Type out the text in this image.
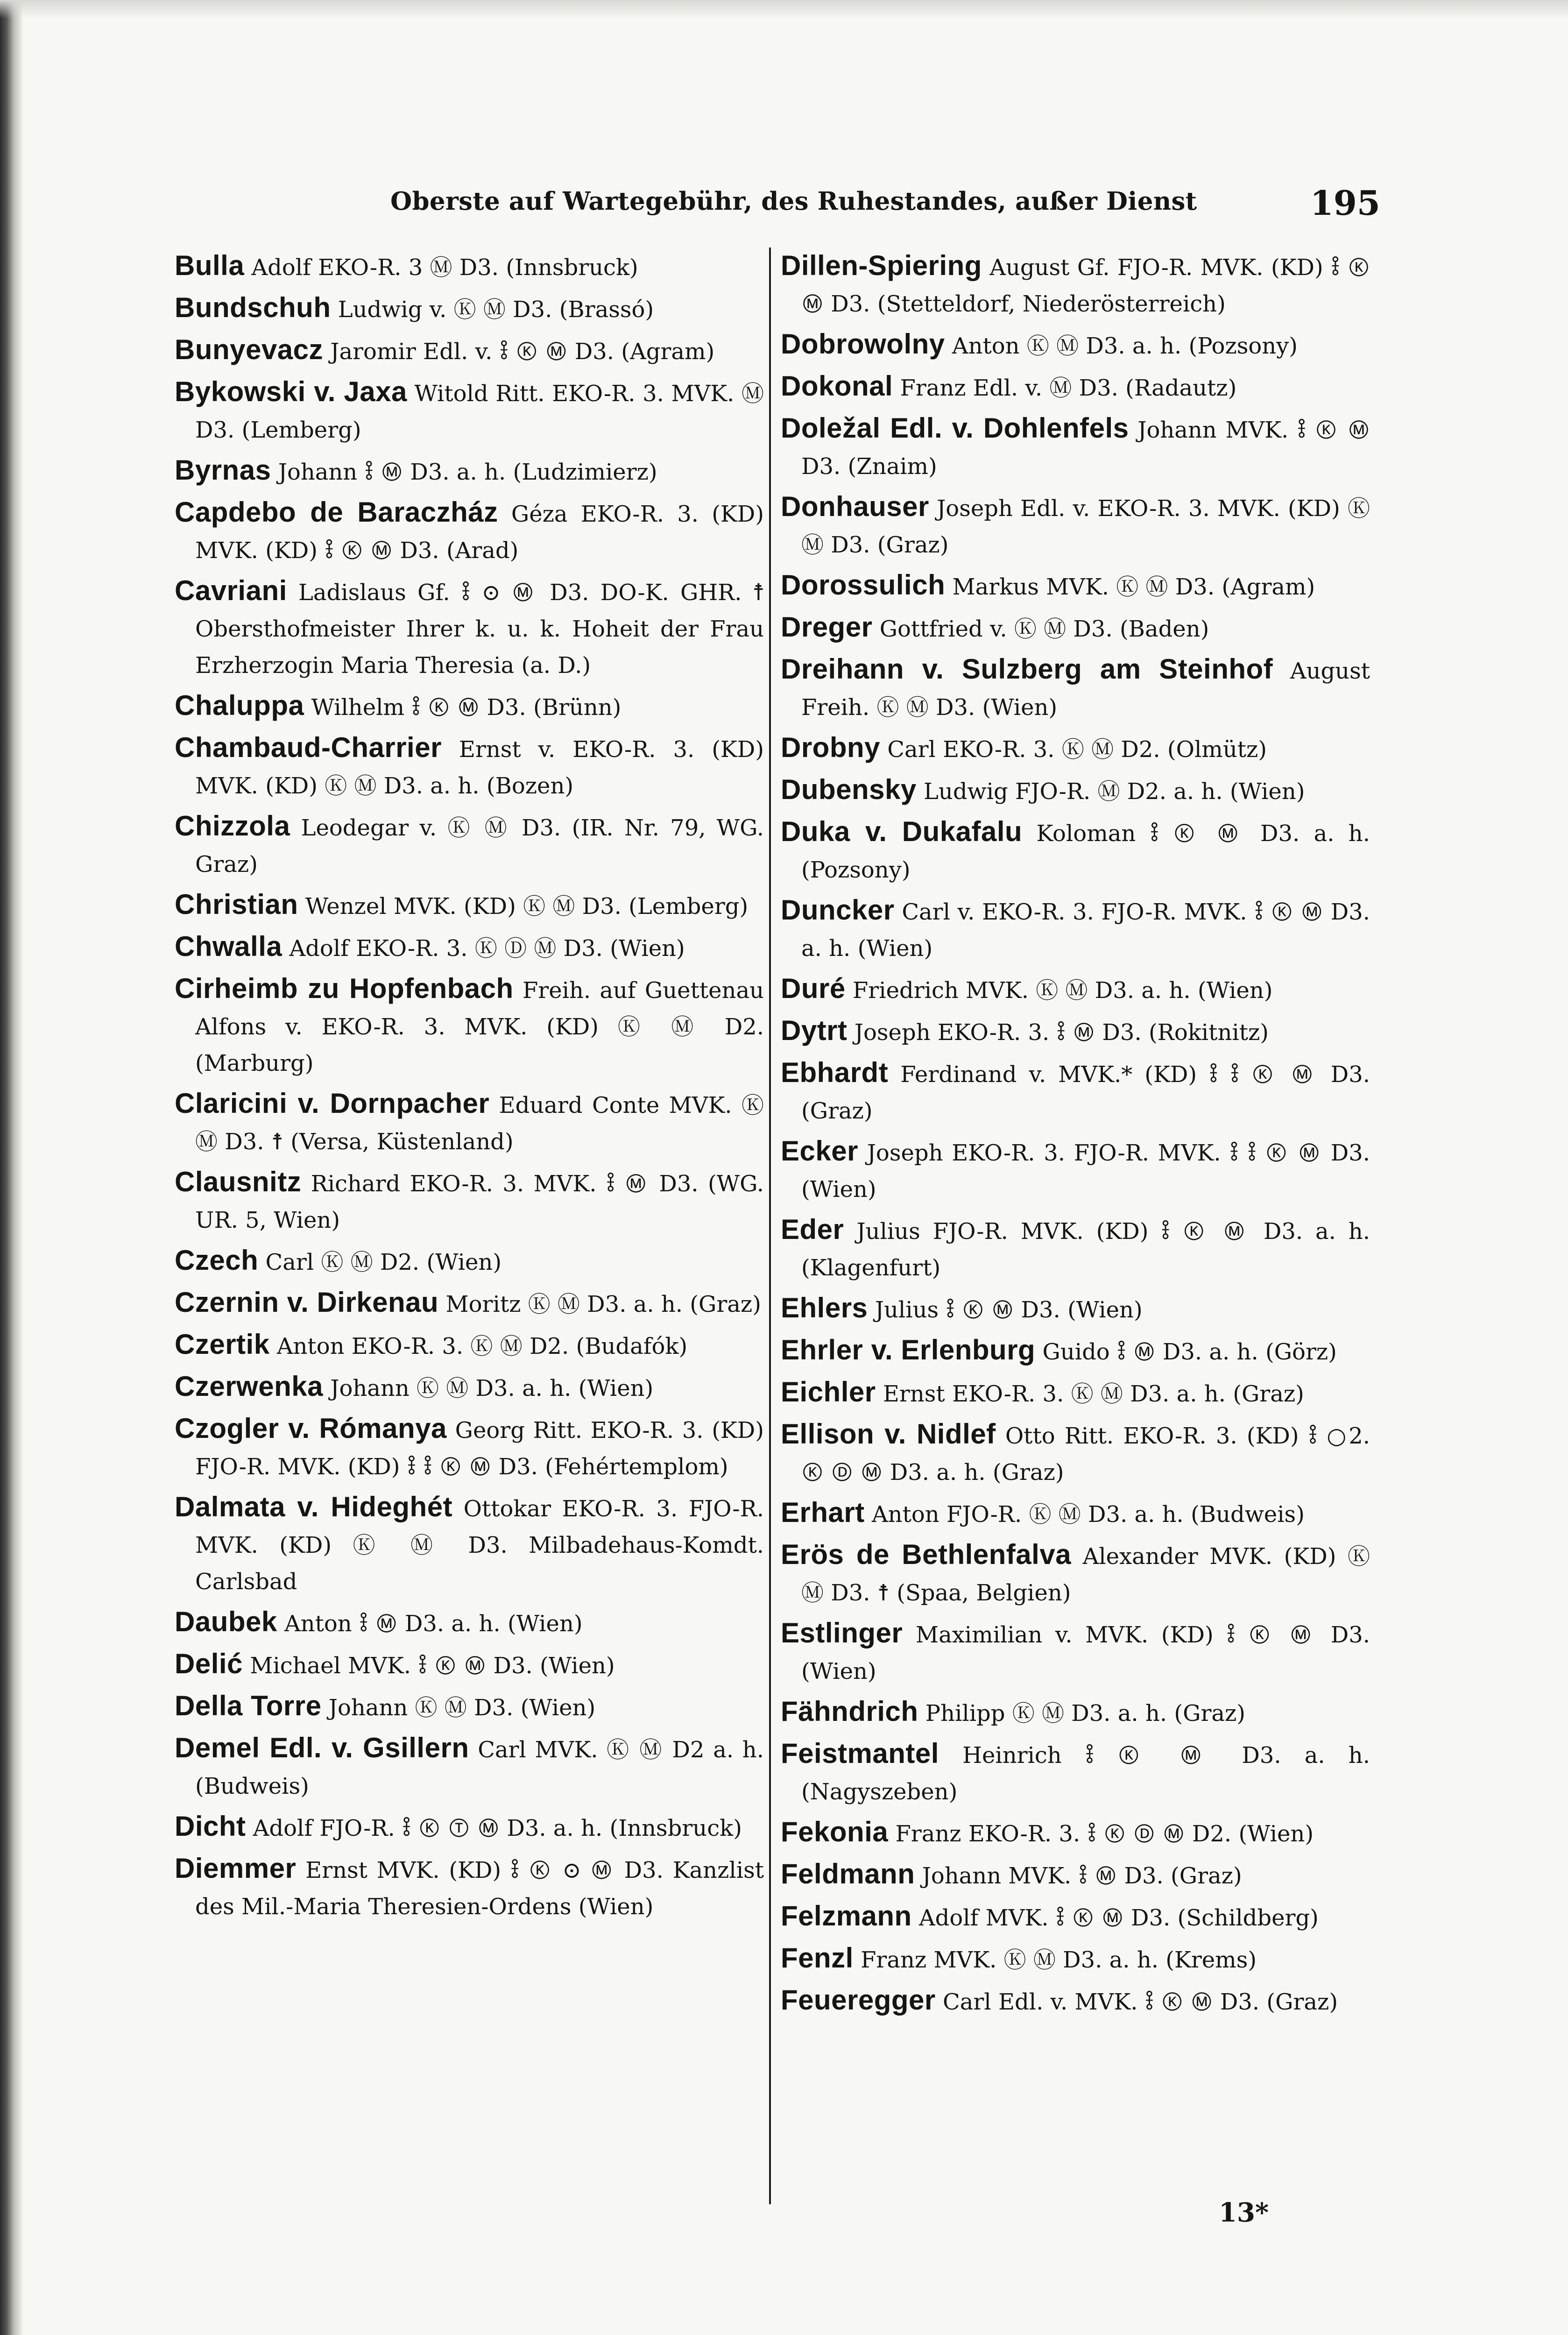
Oberste auf Wartegebühr, des Ruhestandes, außer Dienst	195

Bulla Adolf EKO-R. 3 Ⓜ D3. (Innsbruck)

Bundschuh Ludwig v. Ⓚ Ⓜ D3. (Brassó)

Bunyevacz Jaromir Edl. v. 🜣 Ⓚ Ⓜ D3. (Agram)

Bykowski v. Jaxa Witold Ritt. EKO-R. 3. MVK. Ⓜ D3. (Lemberg)

Byrnas Johann 🜣 Ⓜ D3. a. h. (Ludzimierz)

Capdebo de Baraczház Géza EKO-R. 3. (KD) MVK. (KD) 🜣 Ⓚ Ⓜ D3. (Arad)

Cavriani Ladislaus Gf. 🜣 ⊙ Ⓜ D3. DO-K. GHR. ☨ Obersthofmeister Ihrer k. u. k. Hoheit der Frau Erzherzogin Maria Theresia (a. D.)

Chaluppa Wilhelm 🜣 Ⓚ Ⓜ D3. (Brünn)

Chambaud-Charrier Ernst v. EKO-R. 3. (KD) MVK. (KD) Ⓚ Ⓜ D3. a. h. (Bozen)

Chizzola Leodegar v. Ⓚ Ⓜ D3. (IR. Nr. 79, WG. Graz)

Christian Wenzel MVK. (KD) Ⓚ Ⓜ D3. (Lemberg)

Chwalla Adolf EKO-R. 3. Ⓚ Ⓓ Ⓜ D3. (Wien)

Cirheimb zu Hopfenbach Freih. auf Guettenau Alfons v. EKO-R. 3. MVK. (KD) Ⓚ Ⓜ D2. (Marburg)

Claricini v. Dornpacher Eduard Conte MVK. Ⓚ Ⓜ D3. ☨ (Versa, Küstenland)

Clausnitz Richard EKO-R. 3. MVK. 🜣 Ⓜ D3. (WG. UR. 5, Wien)

Czech Carl Ⓚ Ⓜ D2. (Wien)

Czernin v. Dirkenau Moritz Ⓚ Ⓜ D3. a. h. (Graz)

Czertik Anton EKO-R. 3. Ⓚ Ⓜ D2. (Budafók)

Czerwenka Johann Ⓚ Ⓜ D3. a. h. (Wien)

Czogler v. Rómanya Georg Ritt. EKO-R. 3. (KD) FJO-R. MVK. (KD) 🜣 🜣 Ⓚ Ⓜ D3. (Fehértemplom)

Dalmata v. Hideghét Ottokar EKO-R. 3. FJO-R. MVK. (KD) Ⓚ Ⓜ D3. Milbadehaus-Komdt. Carlsbad

Daubek Anton 🜣 Ⓜ D3. a. h. (Wien)

Delić Michael MVK. 🜣 Ⓚ Ⓜ D3. (Wien)

Della Torre Johann Ⓚ Ⓜ D3. (Wien)

Demel Edl. v. Gsillern Carl MVK. Ⓚ Ⓜ D2 a. h. (Budweis)

Dicht Adolf FJO-R. 🜣 Ⓚ Ⓣ Ⓜ D3. a. h. (Innsbruck)

Diemmer Ernst MVK. (KD) 🜣 Ⓚ ⊙ Ⓜ D3. Kanzlist des Mil.-Maria Theresien-Ordens (Wien)

Dillen-Spiering August Gf. FJO-R. MVK. (KD) 🜣 Ⓚ Ⓜ D3. (Stetteldorf, Niederösterreich)

Dobrowolny Anton Ⓚ Ⓜ D3. a. h. (Pozsony)

Dokonal Franz Edl. v. Ⓜ D3. (Radautz)

Doležal Edl. v. Dohlenfels Johann MVK. 🜣 Ⓚ Ⓜ D3. (Znaim)

Donhauser Joseph Edl. v. EKO-R. 3. MVK. (KD) Ⓚ Ⓜ D3. (Graz)

Dorossulich Markus MVK. Ⓚ Ⓜ D3. (Agram)

Dreger Gottfried v. Ⓚ Ⓜ D3. (Baden)

Dreihann v. Sulzberg am Steinhof August Freih. Ⓚ Ⓜ D3. (Wien)

Drobny Carl EKO-R. 3. Ⓚ Ⓜ D2. (Olmütz)

Dubensky Ludwig FJO-R. Ⓜ D2. a. h. (Wien)

Duka v. Dukafalu Koloman 🜣 Ⓚ Ⓜ D3. a. h. (Pozsony)

Duncker Carl v. EKO-R. 3. FJO-R. MVK. 🜣 Ⓚ Ⓜ D3. a. h. (Wien)

Duré Friedrich MVK. Ⓚ Ⓜ D3. a. h. (Wien)

Dytrt Joseph EKO-R. 3. 🜣 Ⓜ D3. (Rokitnitz)

Ebhardt Ferdinand v. MVK.* (KD) 🜣 🜣 Ⓚ Ⓜ D3. (Graz)

Ecker Joseph EKO-R. 3. FJO-R. MVK. 🜣 🜣 Ⓚ Ⓜ D3. (Wien)

Eder Julius FJO-R. MVK. (KD) 🜣 Ⓚ Ⓜ D3. a. h. (Klagenfurt)

Ehlers Julius 🜣 Ⓚ Ⓜ D3. (Wien)

Ehrler v. Erlenburg Guido 🜣 Ⓜ D3. a. h. (Görz)

Eichler Ernst EKO-R. 3. Ⓚ Ⓜ D3. a. h. (Graz)

Ellison v. Nidlef Otto Ritt. EKO-R. 3. (KD) 🜣 ○2. Ⓚ Ⓓ Ⓜ D3. a. h. (Graz)

Erhart Anton FJO-R. Ⓚ Ⓜ D3. a. h. (Budweis)

Erös de Bethlenfalva Alexander MVK. (KD) Ⓚ Ⓜ D3. ☨ (Spaa, Belgien)

Estlinger Maximilian v. MVK. (KD) 🜣 Ⓚ Ⓜ D3. (Wien)

Fähndrich Philipp Ⓚ Ⓜ D3. a. h. (Graz)

Feistmantel Heinrich 🜣 Ⓚ Ⓜ D3. a. h. (Nagyszeben)

Fekonia Franz EKO-R. 3. 🜣 Ⓚ Ⓓ Ⓜ D2. (Wien)

Feldmann Johann MVK. 🜣 Ⓜ D3. (Graz)

Felzmann Adolf MVK. 🜣 Ⓚ Ⓜ D3. (Schildberg)

Fenzl Franz MVK. Ⓚ Ⓜ D3. a. h. (Krems)

Feueregger Carl Edl. v. MVK. 🜣 Ⓚ Ⓜ D3. (Graz)

13*
